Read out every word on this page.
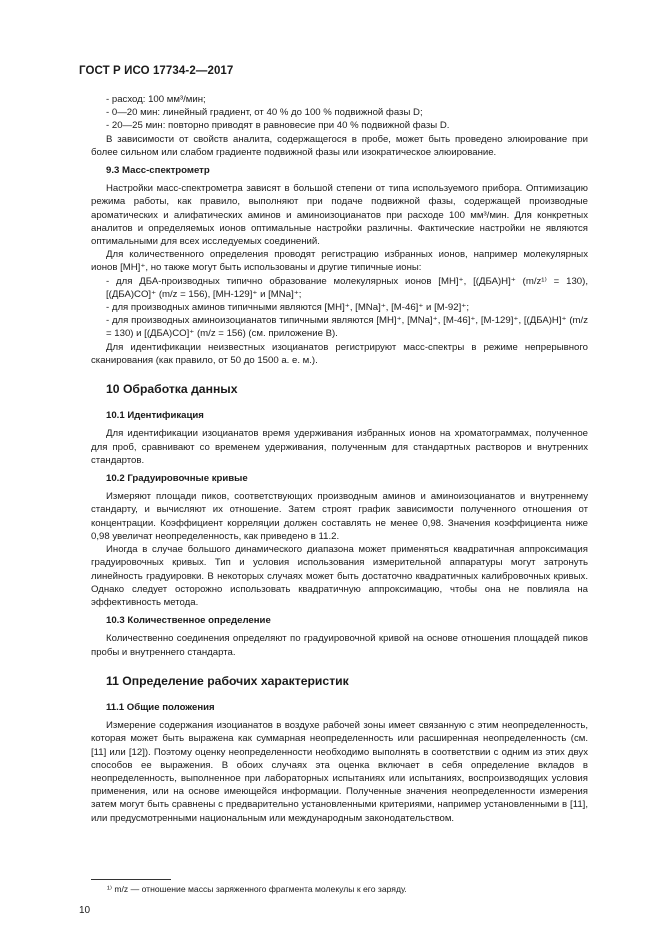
ГОСТ Р ИСО 17734-2—2017
- расход: 100 мм³/мин;
- 0—20 мин: линейный градиент, от 40 % до 100 % подвижной фазы D;
- 20—25 мин: повторно приводят в равновесие при 40 % подвижной фазы D.
В зависимости от свойств аналита, содержащегося в пробе, может быть проведено элюирование при более сильном или слабом градиенте подвижной фазы или изократическое элюирование.
9.3 Масс-спектрометр
Настройки масс-спектрометра зависят в большой степени от типа используемого прибора. Оптимизацию режима работы, как правило, выполняют при подаче подвижной фазы, содержащей производные ароматических и алифатических аминов и аминоизоцианатов при расходе 100 мм³/мин. Для конкретных аналитов и определяемых ионов оптимальные настройки различны. Фактические настройки не являются оптимальными для всех исследуемых соединений.
Для количественного определения проводят регистрацию избранных ионов, например молекулярных ионов [MH]⁺, но также могут быть использованы и другие типичные ионы:
- для ДБА-производных типично образование молекулярных ионов [MH]⁺, [(ДБА)H]⁺ (m/z¹⁾ = 130), [(ДБА)CO]⁺ (m/z = 156), [MH-129]⁺ и [MNa]⁺;
- для производных аминов типичными являются [MH]⁺, [MNa]⁺, [M-46]⁺ и [M-92]⁺;
- для производных аминоизоцианатов типичными являются [MH]⁺, [MNa]⁺, [M-46]⁺, [M-129]⁺, [(ДБА)H]⁺ (m/z = 130) и [(ДБА)CO]⁺ (m/z = 156) (см. приложение B).
Для идентификации неизвестных изоцианатов регистрируют масс-спектры в режиме непрерывного сканирования (как правило, от 50 до 1500 а. е. м.).
10 Обработка данных
10.1 Идентификация
Для идентификации изоцианатов время удерживания избранных ионов на хроматограммах, полученное для проб, сравнивают со временем удерживания, полученным для стандартных растворов и внутренних стандартов.
10.2 Градуировочные кривые
Измеряют площади пиков, соответствующих производным аминов и аминоизоцианатов и внутреннему стандарту, и вычисляют их отношение. Затем строят график зависимости полученного отношения от концентрации. Коэффициент корреляции должен составлять не менее 0,98. Значения коэффициента ниже 0,98 увеличат неопределенность, как приведено в 11.2.
Иногда в случае большого динамического диапазона может применяться квадратичная аппроксимация градуировочных кривых. Тип и условия использования измерительной аппаратуры могут затронуть линейность градуировки. В некоторых случаях может быть достаточно квадратичных калибровочных кривых. Однако следует осторожно использовать квадратичную аппроксимацию, чтобы она не повлияла на эффективность метода.
10.3 Количественное определение
Количественно соединения определяют по градуировочной кривой на основе отношения площадей пиков пробы и внутреннего стандарта.
11 Определение рабочих характеристик
11.1 Общие положения
Измерение содержания изоцианатов в воздухе рабочей зоны имеет связанную с этим неопределенность, которая может быть выражена как суммарная неопределенность или расширенная неопределенность (см. [11] или [12]). Поэтому оценку неопределенности необходимо выполнять в соответствии с одним из этих двух способов ее выражения. В обоих случаях эта оценка включает в себя определение вкладов в неопределенность, выполненное при лабораторных испытаниях или испытаниях, воспроизводящих условия применения, или на основе имеющейся информации. Полученные значения неопределенности измерения затем могут быть сравнены с предварительно установленными критериями, например установленными в [11], или предусмотренными национальным или международным законодательством.
¹⁾ m/z — отношение массы заряженного фрагмента молекулы к его заряду.
10
